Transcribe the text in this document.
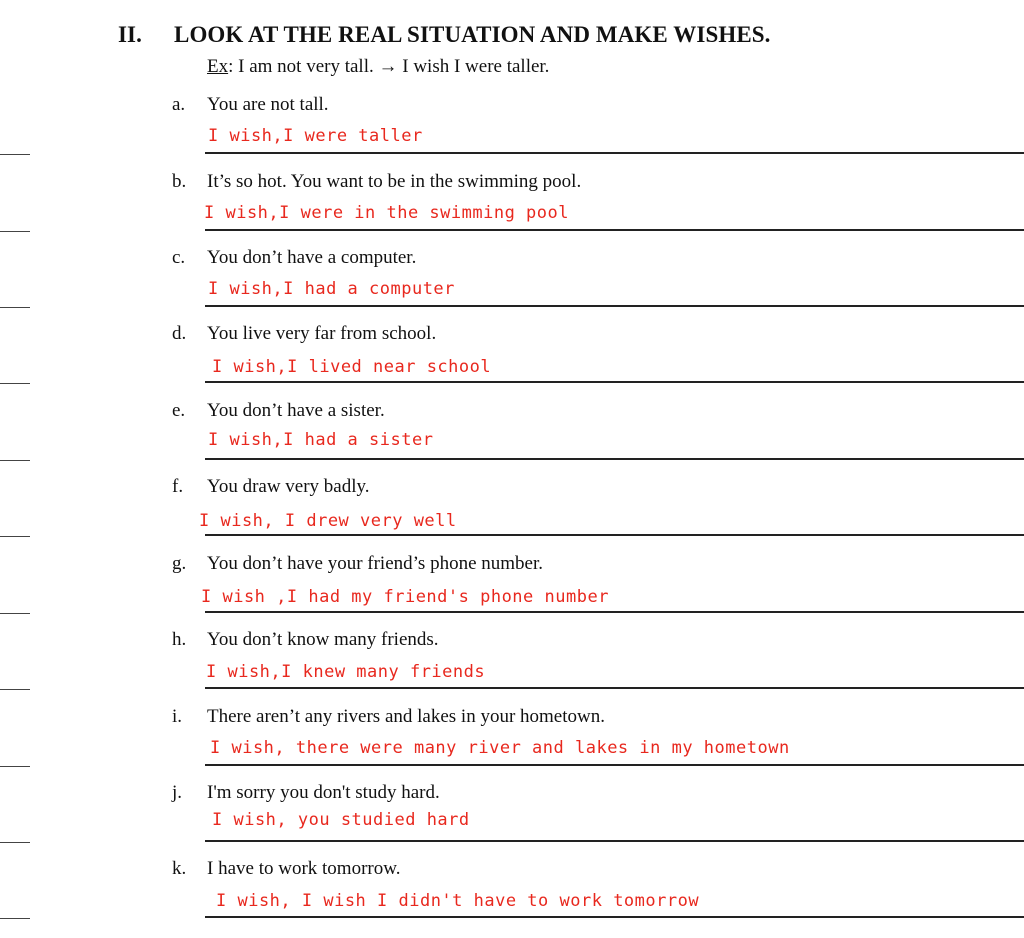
II. LOOK AT THE REAL SITUATION AND MAKE WISHES.
Ex: I am not very tall. → I wish I were taller.
a. You are not tall.
I wish,I were taller
b. It’s so hot. You want to be in the swimming pool.
I wish,I were in the swimming pool
c. You don’t have a computer.
I wish,I had a computer
d. You live very far from school.
I wish,I lived near school
e. You don’t have a sister.
I wish,I had a sister
f. You draw very badly.
I wish, I drew very well
g. You don’t have your friend’s phone number.
I wish ,I had my friend's phone number
h. You don’t know many friends.
I wish,I knew many friends
i. There aren’t any rivers and lakes in your hometown.
I wish, there were many river and lakes in my hometown
j. I'm sorry you don't study hard.
I wish, you studied hard
k. I have to work tomorrow.
I wish, I wish I didn't have to work tomorrow
